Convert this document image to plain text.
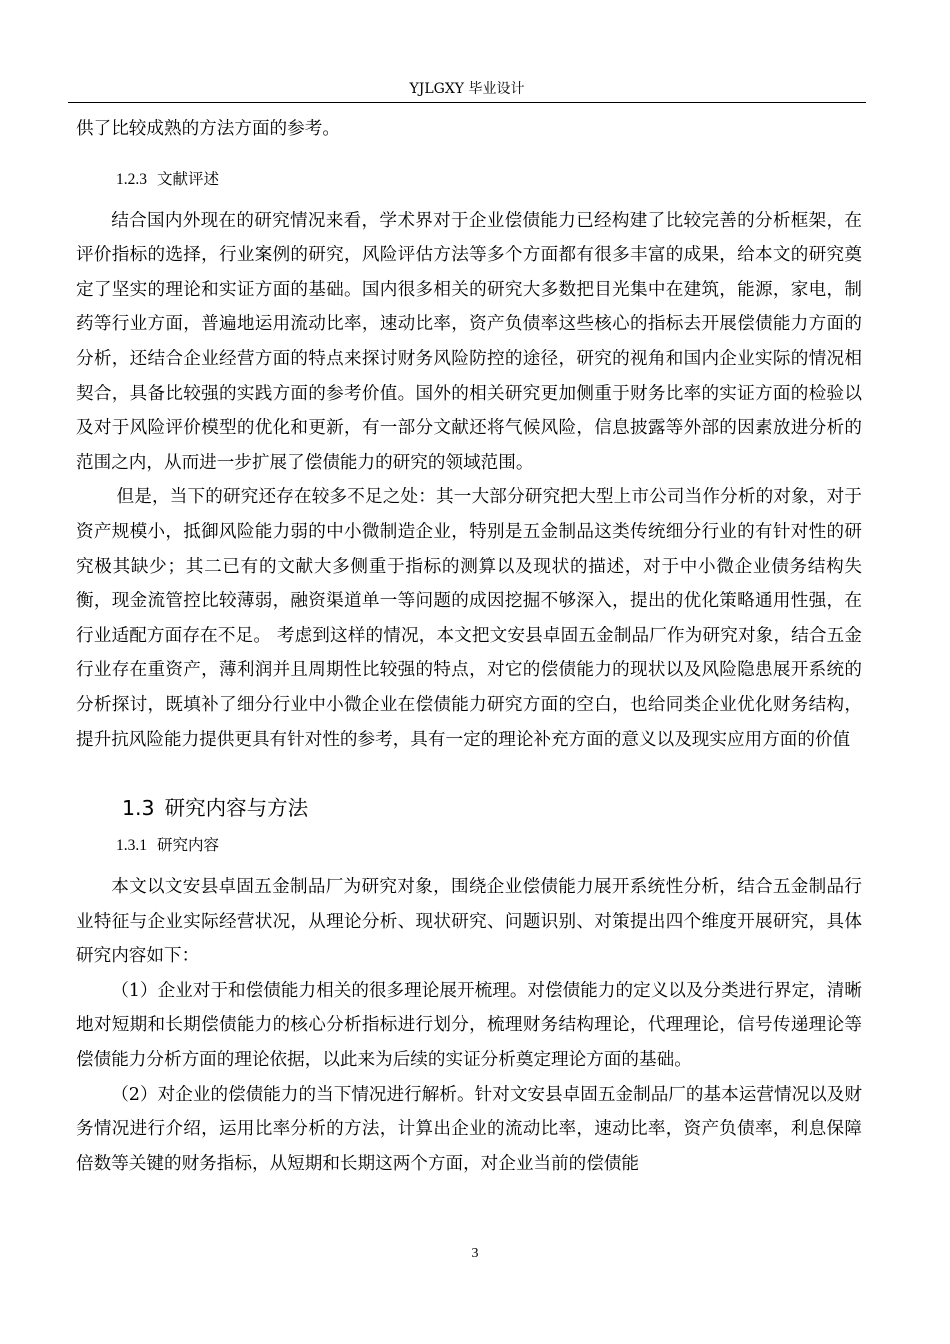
YJLGXY 毕业设计

供了比较成熟的方法方面的参考。

1.2.3 文献评述

结合国内外现在的研究情况来看，学术界对于企业偿债能力已经构建了比较完善的分析框架，在评价指标的选择，行业案例的研究，风险评估方法等多个方面都有很多丰富的成果，给本文的研究奠定了坚实的理论和实证方面的基础。国内很多相关的研究大多数把目光集中在建筑，能源，家电，制药等行业方面，普遍地运用流动比率，速动比率，资产负债率这些核心的指标去开展偿债能力方面的分析，还结合企业经营方面的特点来探讨财务风险防控的途径，研究的视角和国内企业实际的情况相契合，具备比较强的实践方面的参考价值。国外的相关研究更加侧重于财务比率的实证方面的检验以及对于风险评价模型的优化和更新，有一部分文献还将气候风险，信息披露等外部的因素放进分析的范围之内，从而进一步扩展了偿债能力的研究的领域范围。

但是，当下的研究还存在较多不足之处：其一大部分研究把大型上市公司当作分析的对象，对于资产规模小，抵御风险能力弱的中小微制造企业，特别是五金制品这类传统细分行业的有针对性的研究极其缺少；其二已有的文献大多侧重于指标的测算以及现状的描述，对于中小微企业债务结构失衡，现金流管控比较薄弱，融资渠道单一等问题的成因挖掘不够深入，提出的优化策略通用性强，在行业适配方面存在不足。 考虑到这样的情况，本文把文安县卓固五金制品厂作为研究对象，结合五金行业存在重资产，薄利润并且周期性比较强的特点，对它的偿债能力的现状以及风险隐患展开系统的分析探讨，既填补了细分行业中小微企业在偿债能力研究方面的空白，也给同类企业优化财务结构，提升抗风险能力提供更具有针对性的参考，具有一定的理论补充方面的意义以及现实应用方面的价值

1.3 研究内容与方法
1.3.1 研究内容

本文以文安县卓固五金制品厂为研究对象，围绕企业偿债能力展开系统性分析，结合五金制品行业特征与企业实际经营状况，从理论分析、现状研究、问题识别、对策提出四个维度开展研究，具体研究内容如下：

（1）企业对于和偿债能力相关的很多理论展开梳理。对偿债能力的定义以及分类进行界定，清晰地对短期和长期偿债能力的核心分析指标进行划分，梳理财务结构理论，代理理论，信号传递理论等偿债能力分析方面的理论依据，以此来为后续的实证分析奠定理论方面的基础。

（2）对企业的偿债能力的当下情况进行解析。针对文安县卓固五金制品厂的基本运营情况以及财务情况进行介绍，运用比率分析的方法，计算出企业的流动比率，速动比率，资产负债率，利息保障倍数等关键的财务指标，从短期和长期这两个方面，对企业当前的偿债能

3
